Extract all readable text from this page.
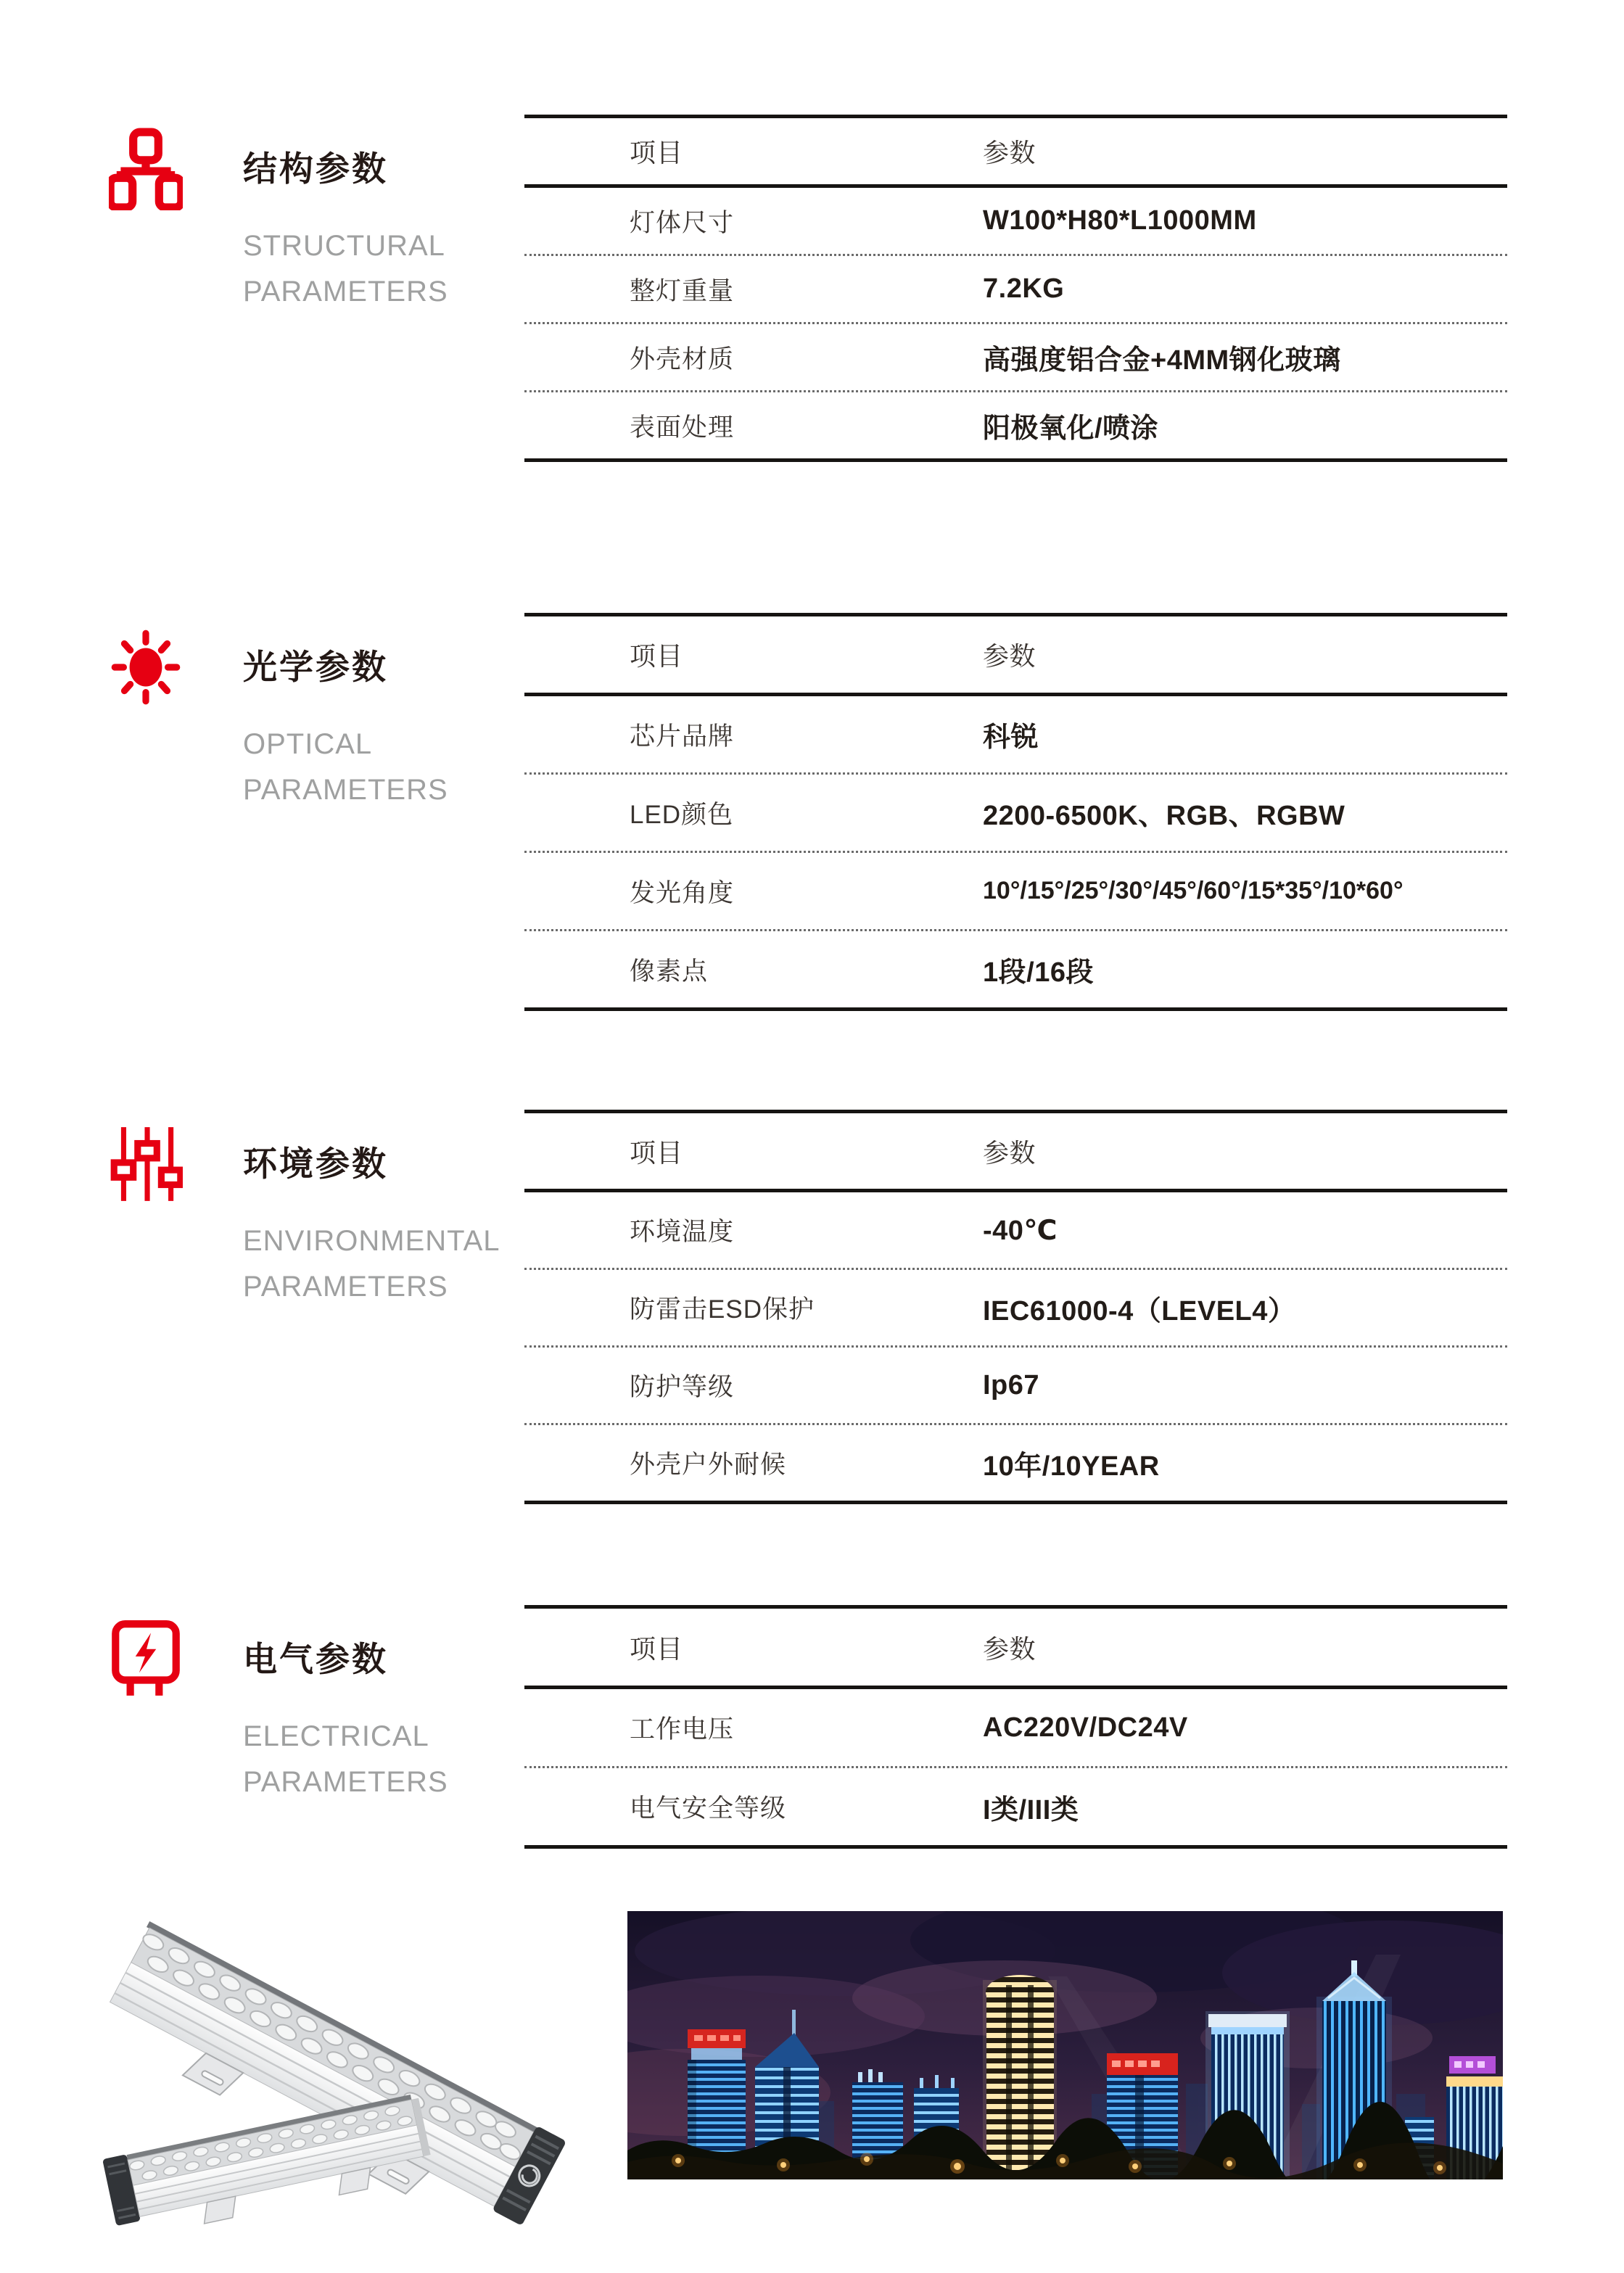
结构参数
STRUCTURAL
PARAMETERS
项目	参数
灯体尺寸	W100*H80*L1000MM
整灯重量	7.2KG
外壳材质	高强度铝合金+4MM钢化玻璃
表面处理	阳极氧化/喷涂
光学参数
OPTICAL
PARAMETERS
项目	参数
芯片品牌	科锐
LED颜色	2200-6500K、RGB、RGBW
发光角度	10°/15°/25°/30°/45°/60°/15*35°/10*60°
像素点	1段/16段
环境参数
ENVIRONMENTAL
PARAMETERS
项目	参数
环境温度	-40℃
防雷击ESD保护	IEC61000-4（LEVEL4）
防护等级	Ip67
外壳户外耐候	10年/10YEAR
电气参数
ELECTRICAL
PARAMETERS
项目	参数
工作电压	AC220V/DC24V
电气安全等级	I类/III类
